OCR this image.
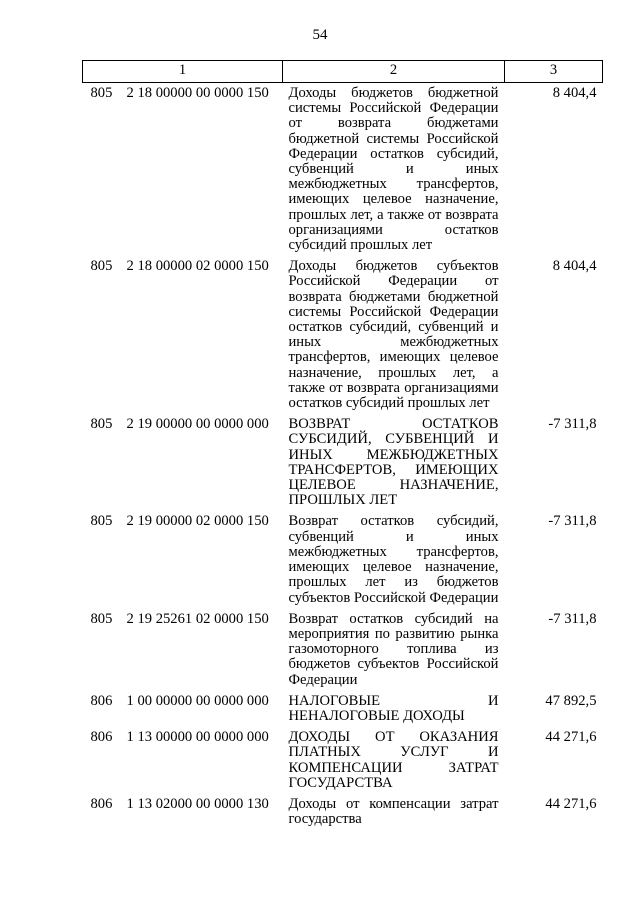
54
1	2	3
805 2 18 00000 00 0000 150	Доходы бюджетов бюджетной системы Российской Федерации от возврата бюджетами бюджетной системы Российской Федерации остатков субсидий, субвенций и иных межбюджетных трансфертов, имеющих целевое назначение, прошлых лет, а также от возврата организациями остатков субсидий прошлых лет	8 404,4
805 2 18 00000 02 0000 150	Доходы бюджетов субъектов Российской Федерации от возврата бюджетами бюджетной системы Российской Федерации остатков субсидий, субвенций и иных межбюджетных трансфертов, имеющих целевое назначение, прошлых лет, а также от возврата организациями остатков субсидий прошлых лет	8 404,4
805 2 19 00000 00 0000 000	ВОЗВРАТ ОСТАТКОВ СУБСИДИЙ, СУБВЕНЦИЙ И ИНЫХ МЕЖБЮДЖЕТНЫХ ТРАНСФЕРТОВ, ИМЕЮЩИХ ЦЕЛЕВОЕ НАЗНАЧЕНИЕ, ПРОШЛЫХ ЛЕТ	-7 311,8
805 2 19 00000 02 0000 150	Возврат остатков субсидий, субвенций и иных межбюджетных трансфертов, имеющих целевое назначение, прошлых лет из бюджетов субъектов Российской Федерации	-7 311,8
805 2 19 25261 02 0000 150	Возврат остатков субсидий на мероприятия по развитию рынка газомоторного топлива из бюджетов субъектов Российской Федерации	-7 311,8
806 1 00 00000 00 0000 000	НАЛОГОВЫЕ И НЕНАЛОГОВЫЕ ДОХОДЫ	47 892,5
806 1 13 00000 00 0000 000	ДОХОДЫ ОТ ОКАЗАНИЯ ПЛАТНЫХ УСЛУГ И КОМПЕНСАЦИИ ЗАТРАТ ГОСУДАРСТВА	44 271,6
806 1 13 02000 00 0000 130	Доходы от компенсации затрат государства	44 271,6
